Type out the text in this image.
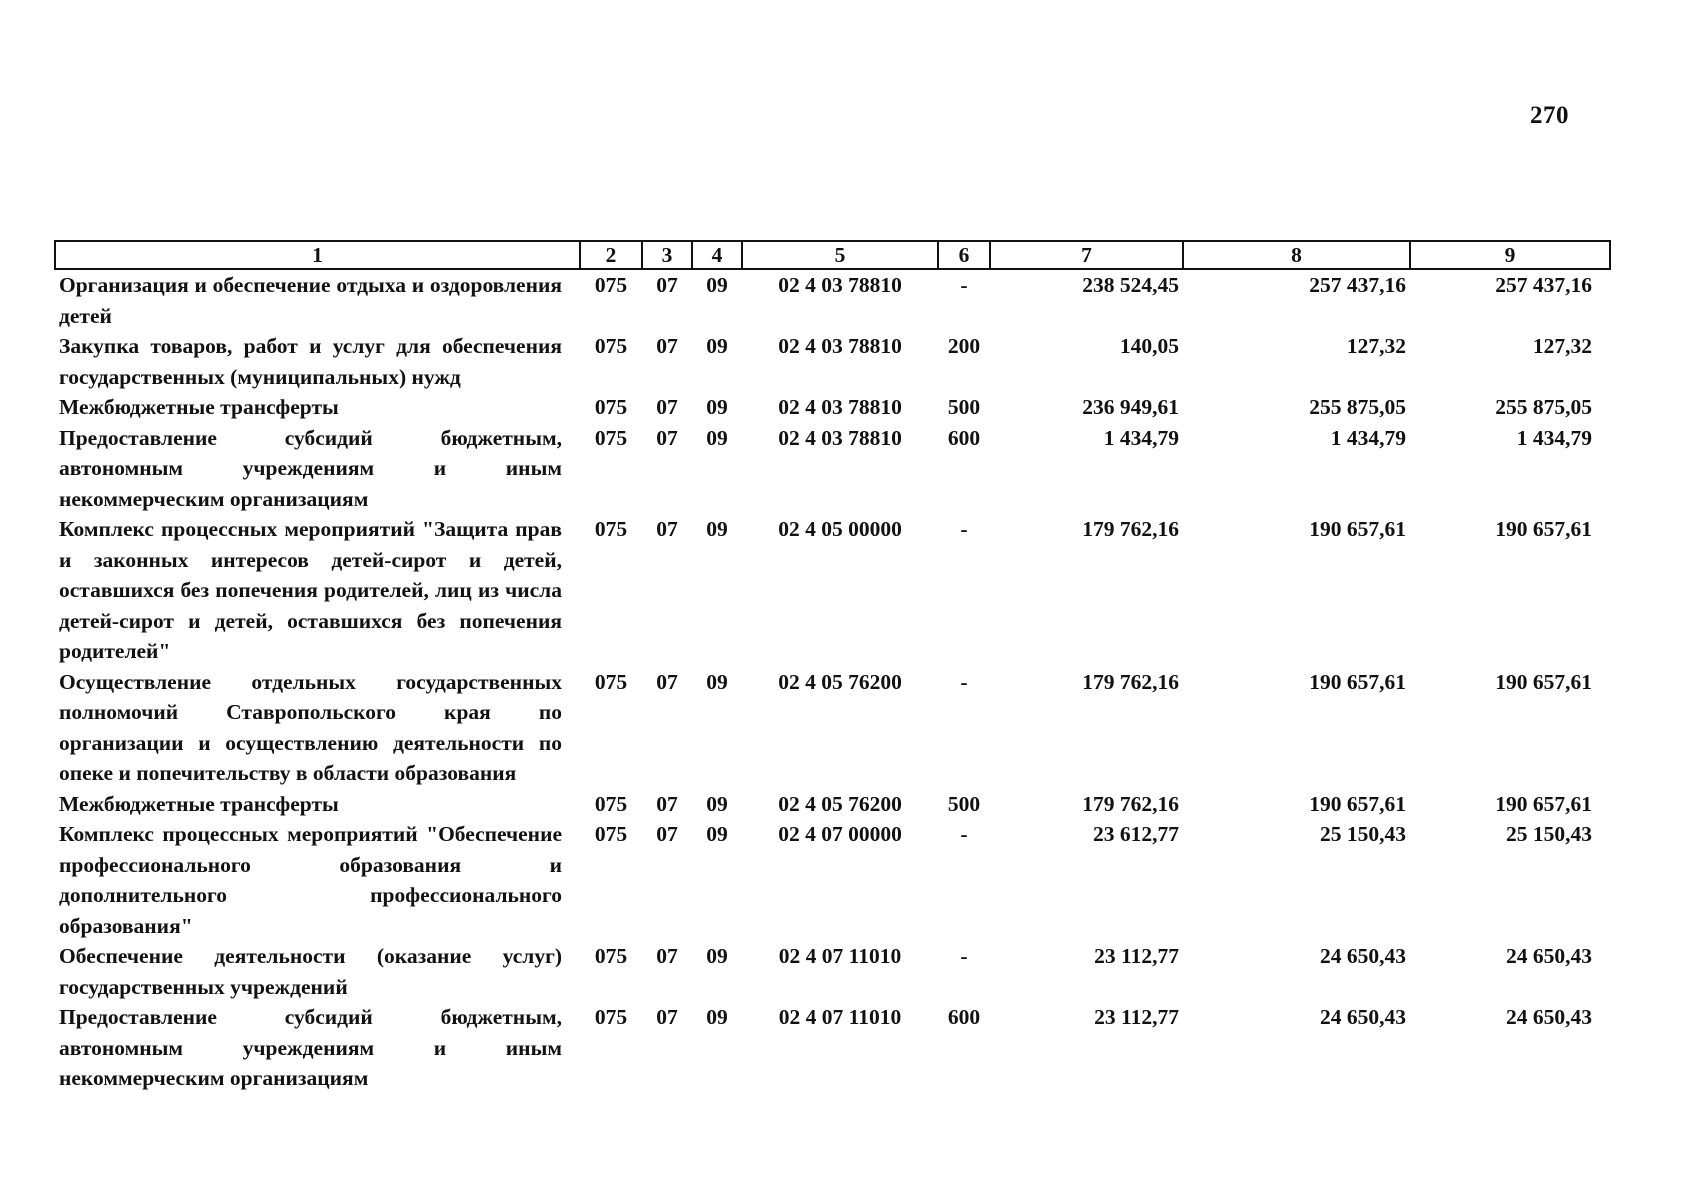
270
1	2	3	4	5	6	7	8	9
Организация и обеспечение отдыха и оздоровления детей	075	07	09	02 4 03 78810	-	238 524,45	257 437,16	257 437,16
Закупка товаров, работ и услуг для обеспечения государственных (муниципальных) нужд	075	07	09	02 4 03 78810	200	140,05	127,32	127,32
Межбюджетные трансферты	075	07	09	02 4 03 78810	500	236 949,61	255 875,05	255 875,05
Предоставление субсидий бюджетным, автономным учреждениям и иным некоммерческим организациям	075	07	09	02 4 03 78810	600	1 434,79	1 434,79	1 434,79
Комплекс процессных мероприятий "Защита прав и законных интересов детей-сирот и детей, оставшихся без попечения родителей, лиц из числа детей-сирот и детей, оставшихся без попечения родителей"	075	07	09	02 4 05 00000	-	179 762,16	190 657,61	190 657,61
Осуществление отдельных государственных полномочий Ставропольского края по организации и осуществлению деятельности по опеке и попечительству в области образования	075	07	09	02 4 05 76200	-	179 762,16	190 657,61	190 657,61
Межбюджетные трансферты	075	07	09	02 4 05 76200	500	179 762,16	190 657,61	190 657,61
Комплекс процессных мероприятий "Обеспечение профессионального образования и дополнительного профессионального образования"	075	07	09	02 4 07 00000	-	23 612,77	25 150,43	25 150,43
Обеспечение деятельности (оказание услуг) государственных учреждений	075	07	09	02 4 07 11010	-	23 112,77	24 650,43	24 650,43
Предоставление субсидий бюджетным, автономным учреждениям и иным некоммерческим организациям	075	07	09	02 4 07 11010	600	23 112,77	24 650,43	24 650,43
